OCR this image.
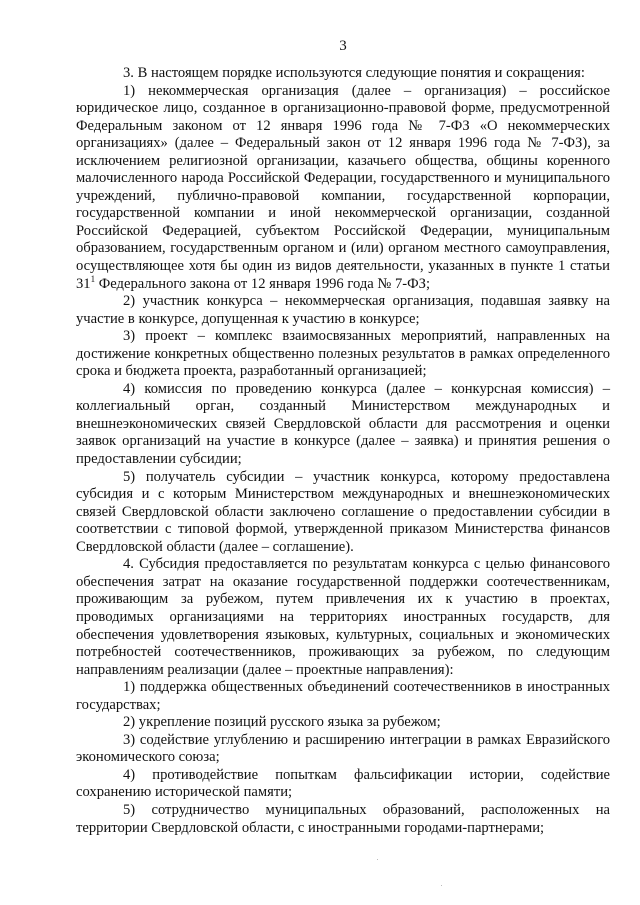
3

3. В настоящем порядке используются следующие понятия и сокращения:

1) некоммерческая организация (далее – организация) – российское юридическое лицо, созданное в организационно-правовой форме, предусмотренной Федеральным законом от 12 января 1996 года № 7-ФЗ «О некоммерческих организациях» (далее – Федеральный закон от 12 января 1996 года № 7-ФЗ), за исключением религиозной организации, казачьего общества, общины коренного малочисленного народа Российской Федерации, государственного и муниципального учреждений, публично-правовой компании, государственной корпорации, государственной компании и иной некоммерческой организации, созданной Российской Федерацией, субъектом Российской Федерации, муниципальным образованием, государственным органом и (или) органом местного самоуправления, осуществляющее хотя бы один из видов деятельности, указанных в пункте 1 статьи $31^1$ Федерального закона от 12 января 1996 года № 7-ФЗ;

2) участник конкурса – некоммерческая организация, подавшая заявку на участие в конкурсе, допущенная к участию в конкурсе;

3) проект – комплекс взаимосвязанных мероприятий, направленных на достижение конкретных общественно полезных результатов в рамках определенного срока и бюджета проекта, разработанный организацией;

4) комиссия по проведению конкурса (далее – конкурсная комиссия) – коллегиальный орган, созданный Министерством международных и внешнеэкономических связей Свердловской области для рассмотрения и оценки заявок организаций на участие в конкурсе (далее – заявка) и принятия решения о предоставлении субсидии;

5) получатель субсидии – участник конкурса, которому предоставлена субсидия и с которым Министерством международных и внешнеэкономических связей Свердловской области заключено соглашение о предоставлении субсидии в соответствии с типовой формой, утвержденной приказом Министерства финансов Свердловской области (далее – соглашение).

4. Субсидия предоставляется по результатам конкурса с целью финансового обеспечения затрат на оказание государственной поддержки соотечественникам, проживающим за рубежом, путем привлечения их к участию в проектах, проводимых организациями на территориях иностранных государств, для обеспечения удовлетворения языковых, культурных, социальных и экономических потребностей соотечественников, проживающих за рубежом, по следующим направлениям реализации (далее – проектные направления):

1) поддержка общественных объединений соотечественников в иностранных государствах;

2) укрепление позиций русского языка за рубежом;

3) содействие углублению и расширению интеграции в рамках Евразийского экономического союза;

4) противодействие попыткам фальсификации истории, содействие сохранению исторической памяти;

5) сотрудничество муниципальных образований, расположенных на территории Свердловской области, с иностранными городами-партнерами;
